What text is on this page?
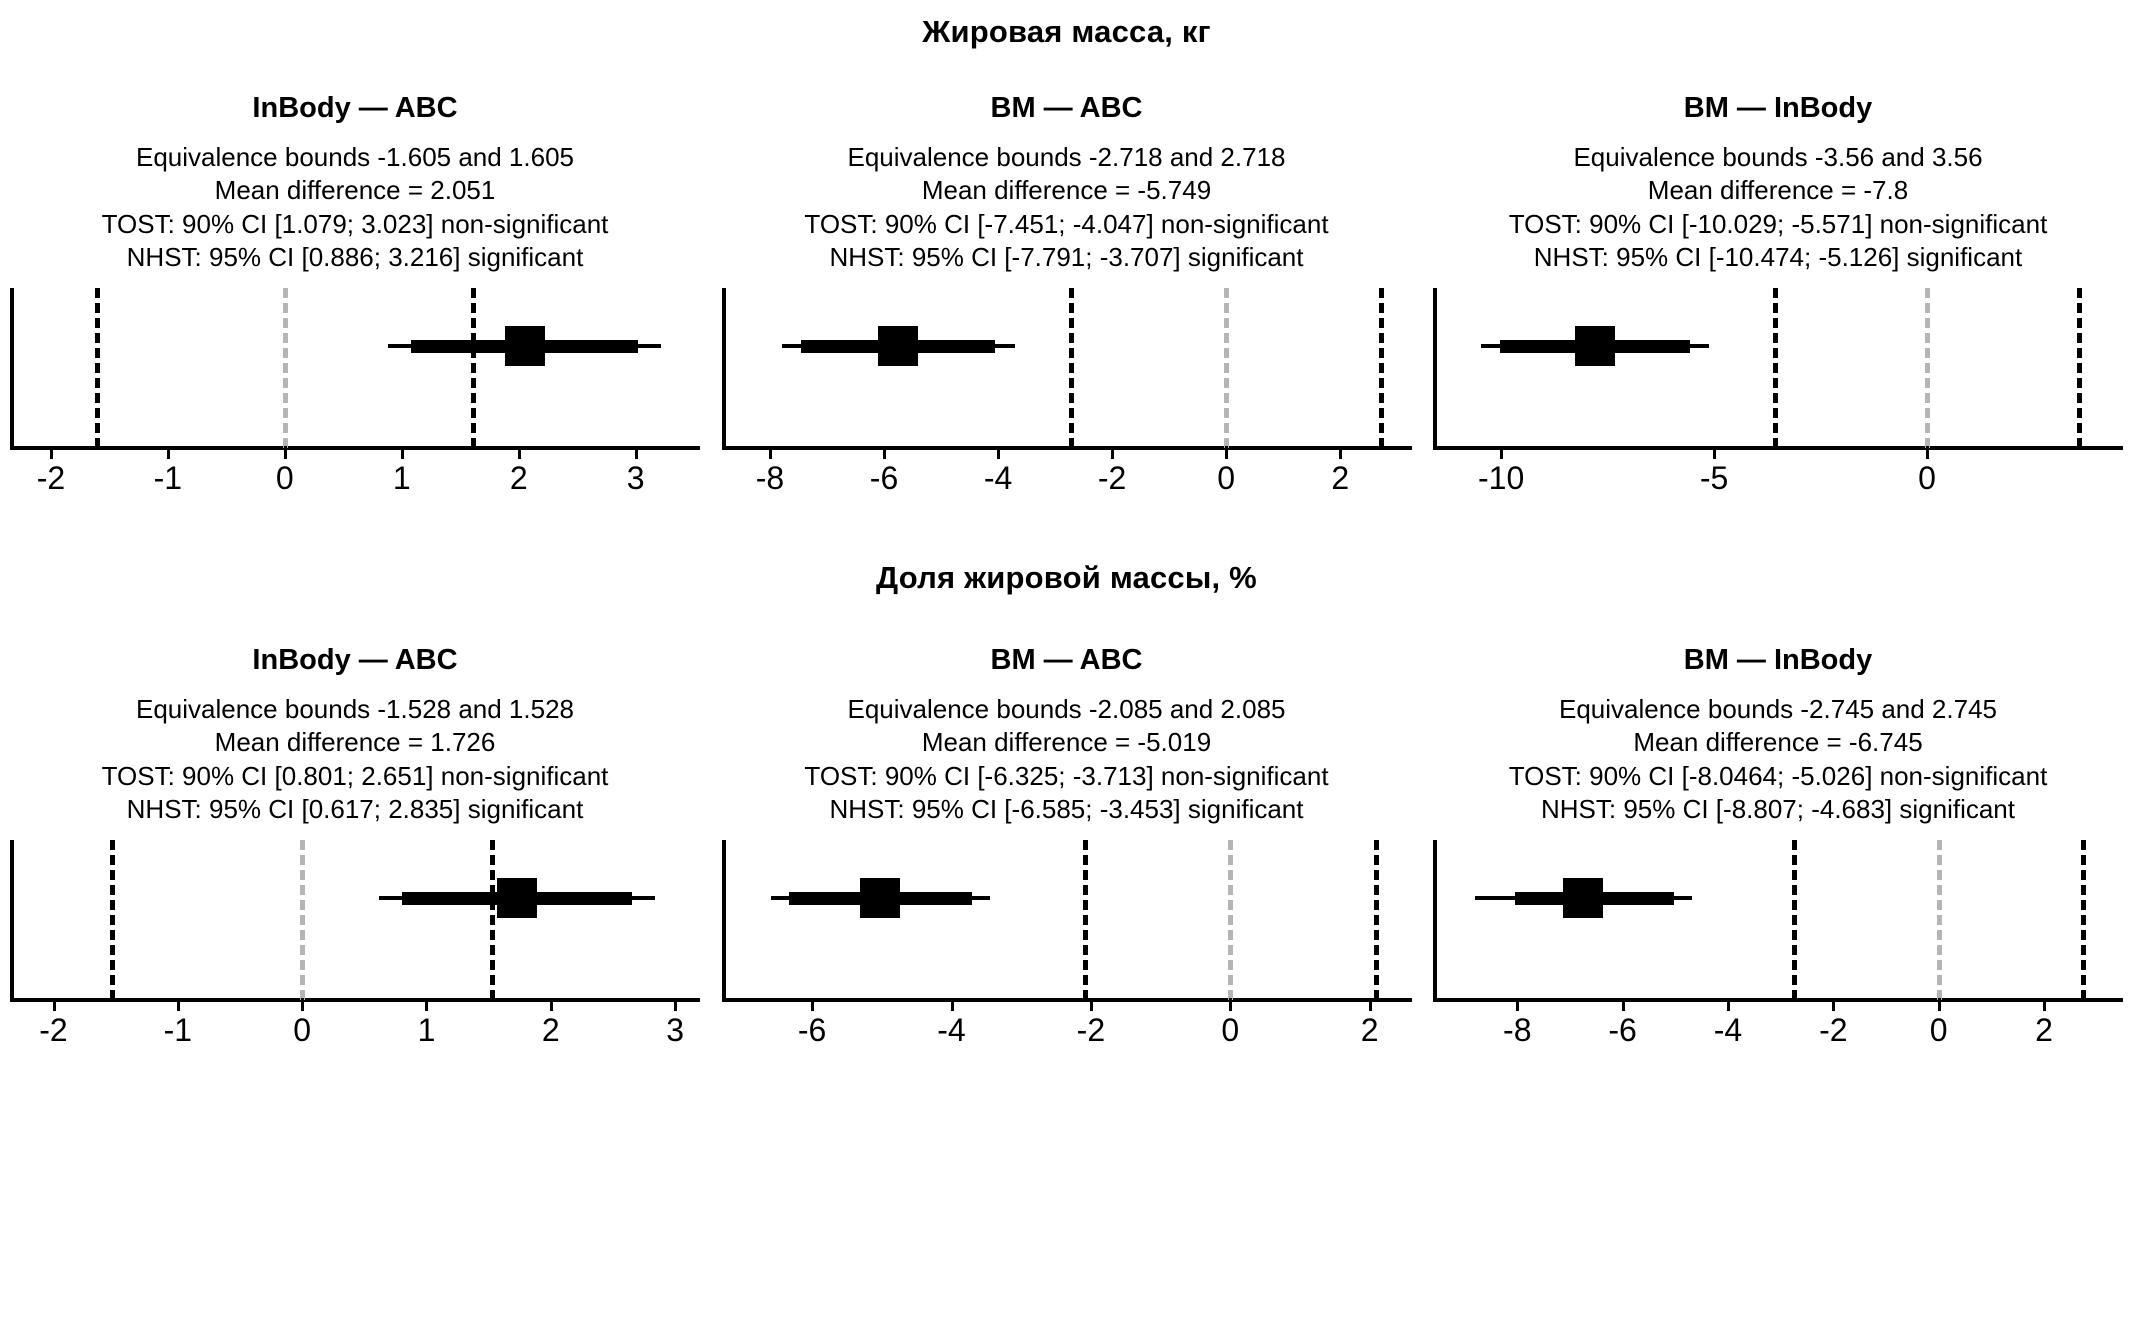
Жировая масса, кг
InBody — ABC
Equivalence bounds -1.605 and 1.605
Mean difference = 2.051
TOST: 90% CI [1.079; 3.023] non-significant
NHST: 95% CI [0.886; 3.216] significant
-2	-1	0	1	2	3
BM — ABC
Equivalence bounds -2.718 and 2.718
Mean difference = -5.749
TOST: 90% CI [-7.451; -4.047] non-significant
NHST: 95% CI [-7.791; -3.707] significant
-8	-6	-4	-2	0	2
BM — InBody
Equivalence bounds -3.56 and 3.56
Mean difference = -7.8
TOST: 90% CI [-10.029; -5.571] non-significant
NHST: 95% CI [-10.474; -5.126] significant
-10	-5	0
Доля жировой массы, %
InBody — ABC
Equivalence bounds -1.528 and 1.528
Mean difference = 1.726
TOST: 90% CI [0.801; 2.651] non-significant
NHST: 95% CI [0.617; 2.835] significant
-2	-1	0	1	2	3
BM — ABC
Equivalence bounds -2.085 and 2.085
Mean difference = -5.019
TOST: 90% CI [-6.325; -3.713] non-significant
NHST: 95% CI [-6.585; -3.453] significant
-6	-4	-2	0	2
BM — InBody
Equivalence bounds -2.745 and 2.745
Mean difference = -6.745
TOST: 90% CI [-8.0464; -5.026] non-significant
NHST: 95% CI [-8.807; -4.683] significant
-8 -6 -4 -2	0	2
